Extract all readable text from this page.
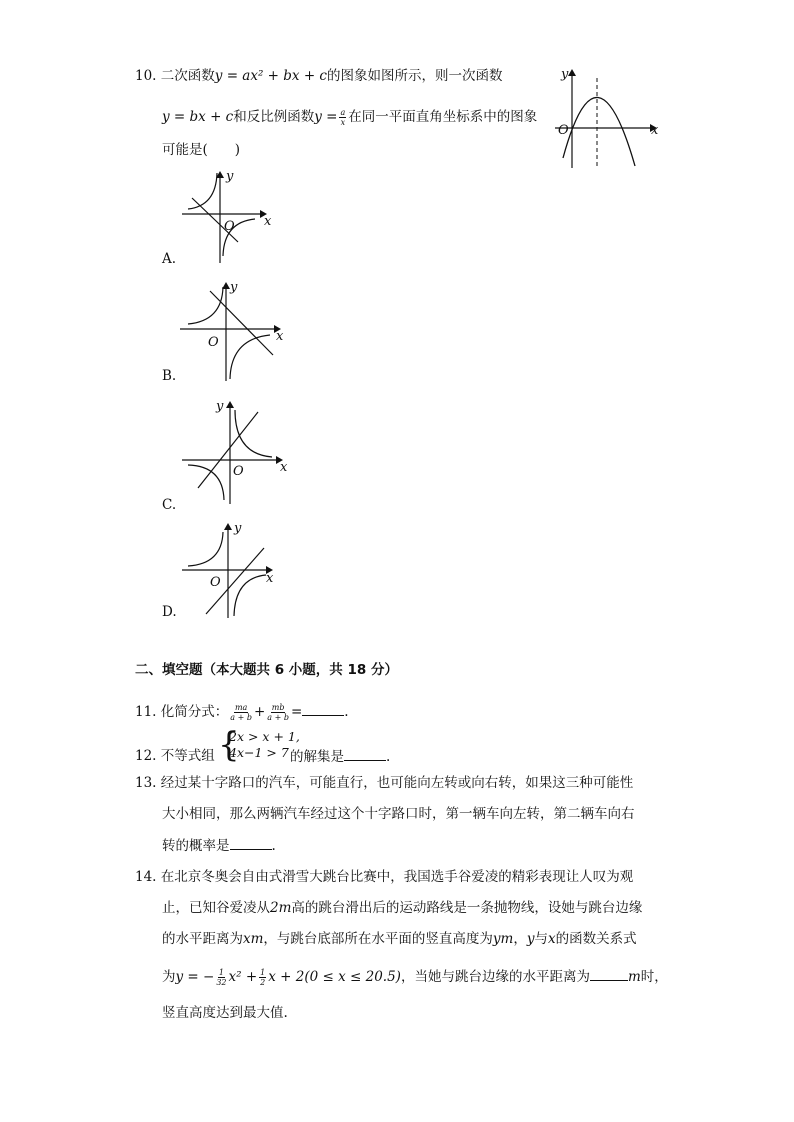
10. 二次函数y = ax² + bx + c的图象如图所示，则一次函数
y = bx + c和反比例函数$y = \frac{a}{x}$ 在同一平面直角坐标系中的图象
可能是(　　)
y
x
O
y
x
O
A.
y
x
O
B.
y
x
O
C.
y
x
O
D.
二、填空题（本大题共 6 小题，共 18 分）
11. 化简分式： $\frac{ma}{a + b} + \frac{mb}{a + b}$ =	.
12. 不等式组 {
2x > x + 1,
4x−1 > 7 的解集是	.
13. 经过某十字路口的汽车，可能直行，也可能向左转或向右转，如果这三种可能性
大小相同，那么两辆汽车经过这个十字路口时，第一辆车向左转，第二辆车向右
转的概率是	.
14. 在北京冬奥会自由式滑雪大跳台比赛中，我国选手谷爱凌的精彩表现让人叹为观
止，已知谷爱凌从2m高的跳台滑出后的运动路线是一条抛物线，设她与跳台边缘
的水平距离为xm，与跳台底部所在水平面的竖直高度为ym，y与x的函数关系式
为y = − $\frac{1}{32} x^2 + \frac{1}{2}$ x + 2(0 ≤ x ≤ 20.5)，当她与跳台边缘的水平距离为	m时，
竖直高度达到最大值.
